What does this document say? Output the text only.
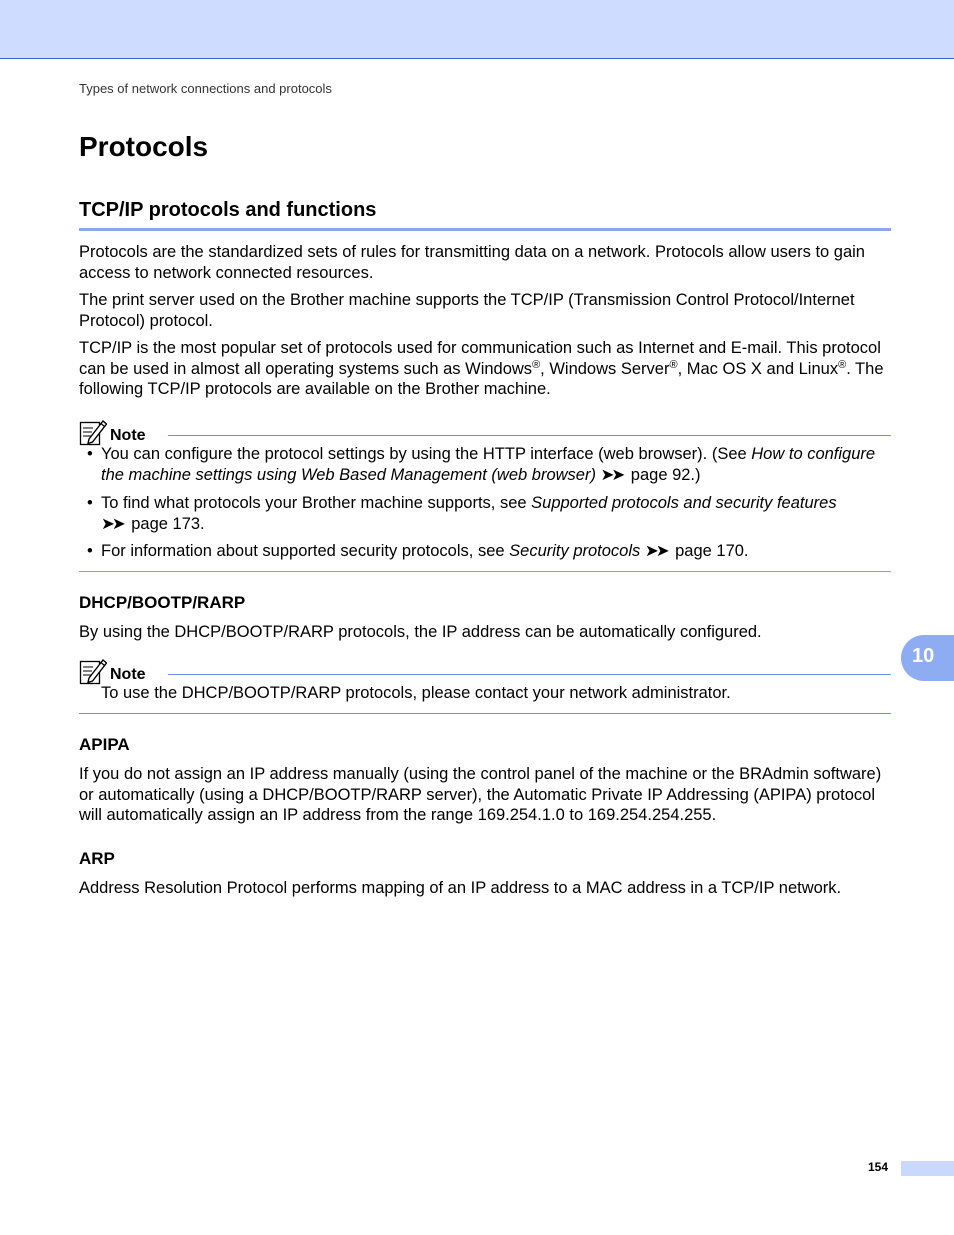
Types of network connections and protocols
Protocols
TCP/IP protocols and functions

Protocols are the standardized sets of rules for transmitting data on a network. Protocols allow users to gain access to network connected resources.

The print server used on the Brother machine supports the TCP/IP (Transmission Control Protocol/Internet Protocol) protocol.

TCP/IP is the most popular set of protocols used for communication such as Internet and E-mail. This protocol can be used in almost all operating systems such as Windows®, Windows Server®, Mac OS X and Linux®. The following TCP/IP protocols are available on the Brother machine.

Note
• You can configure the protocol settings by using the HTTP interface (web browser). (See How to configure the machine settings using Web Based Management (web browser) ➤➤ page 92.)
• To find what protocols your Brother machine supports, see Supported protocols and security features
➤➤ page 173.
• For information about supported security protocols, see Security protocols ➤➤ page 170.
DHCP/BOOTP/RARP

By using the DHCP/BOOTP/RARP protocols, the IP address can be automatically configured.

Note

To use the DHCP/BOOTP/RARP protocols, please contact your network administrator.

APIPA

If you do not assign an IP address manually (using the control panel of the machine or the BRAdmin software) or automatically (using a DHCP/BOOTP/RARP server), the Automatic Private IP Addressing (APIPA) protocol will automatically assign an IP address from the range 169.254.1.0 to 169.254.254.255.

ARP

Address Resolution Protocol performs mapping of an IP address to a MAC address in a TCP/IP network.

10
154
